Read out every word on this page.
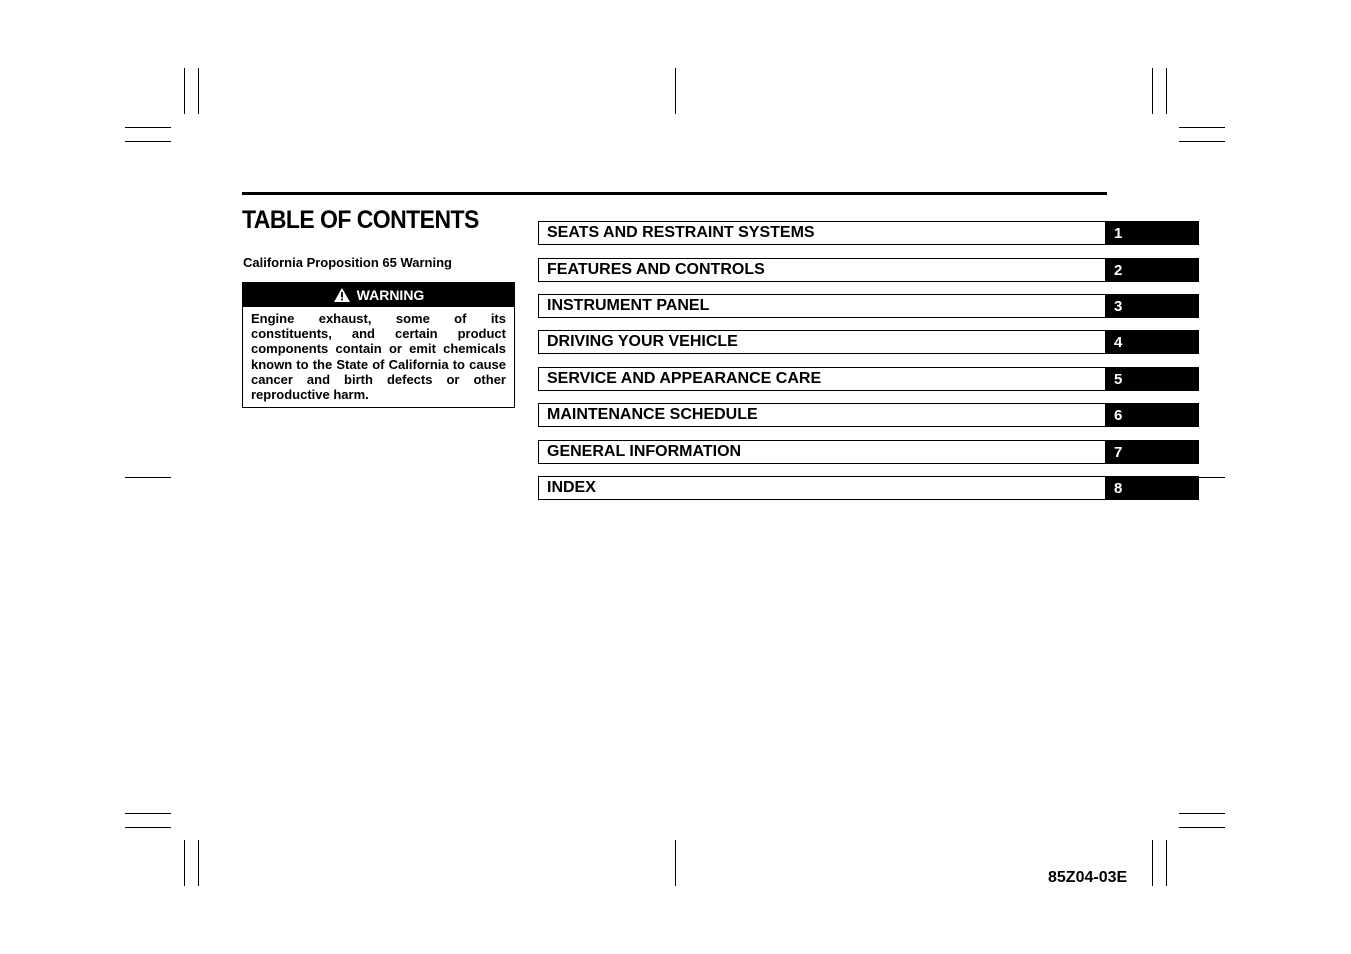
TABLE OF CONTENTS
California Proposition 65 Warning
WARNING
Engine exhaust, some of its constituents, and certain product components contain or emit chemicals known to the State of California to cause cancer and birth defects or other reproductive harm.
SEATS AND RESTRAINT SYSTEMS	1
FEATURES AND CONTROLS	2
INSTRUMENT PANEL	3
DRIVING YOUR VEHICLE	4
SERVICE AND APPEARANCE CARE	5
MAINTENANCE SCHEDULE	6
GENERAL INFORMATION	7
INDEX	8
85Z04-03E
